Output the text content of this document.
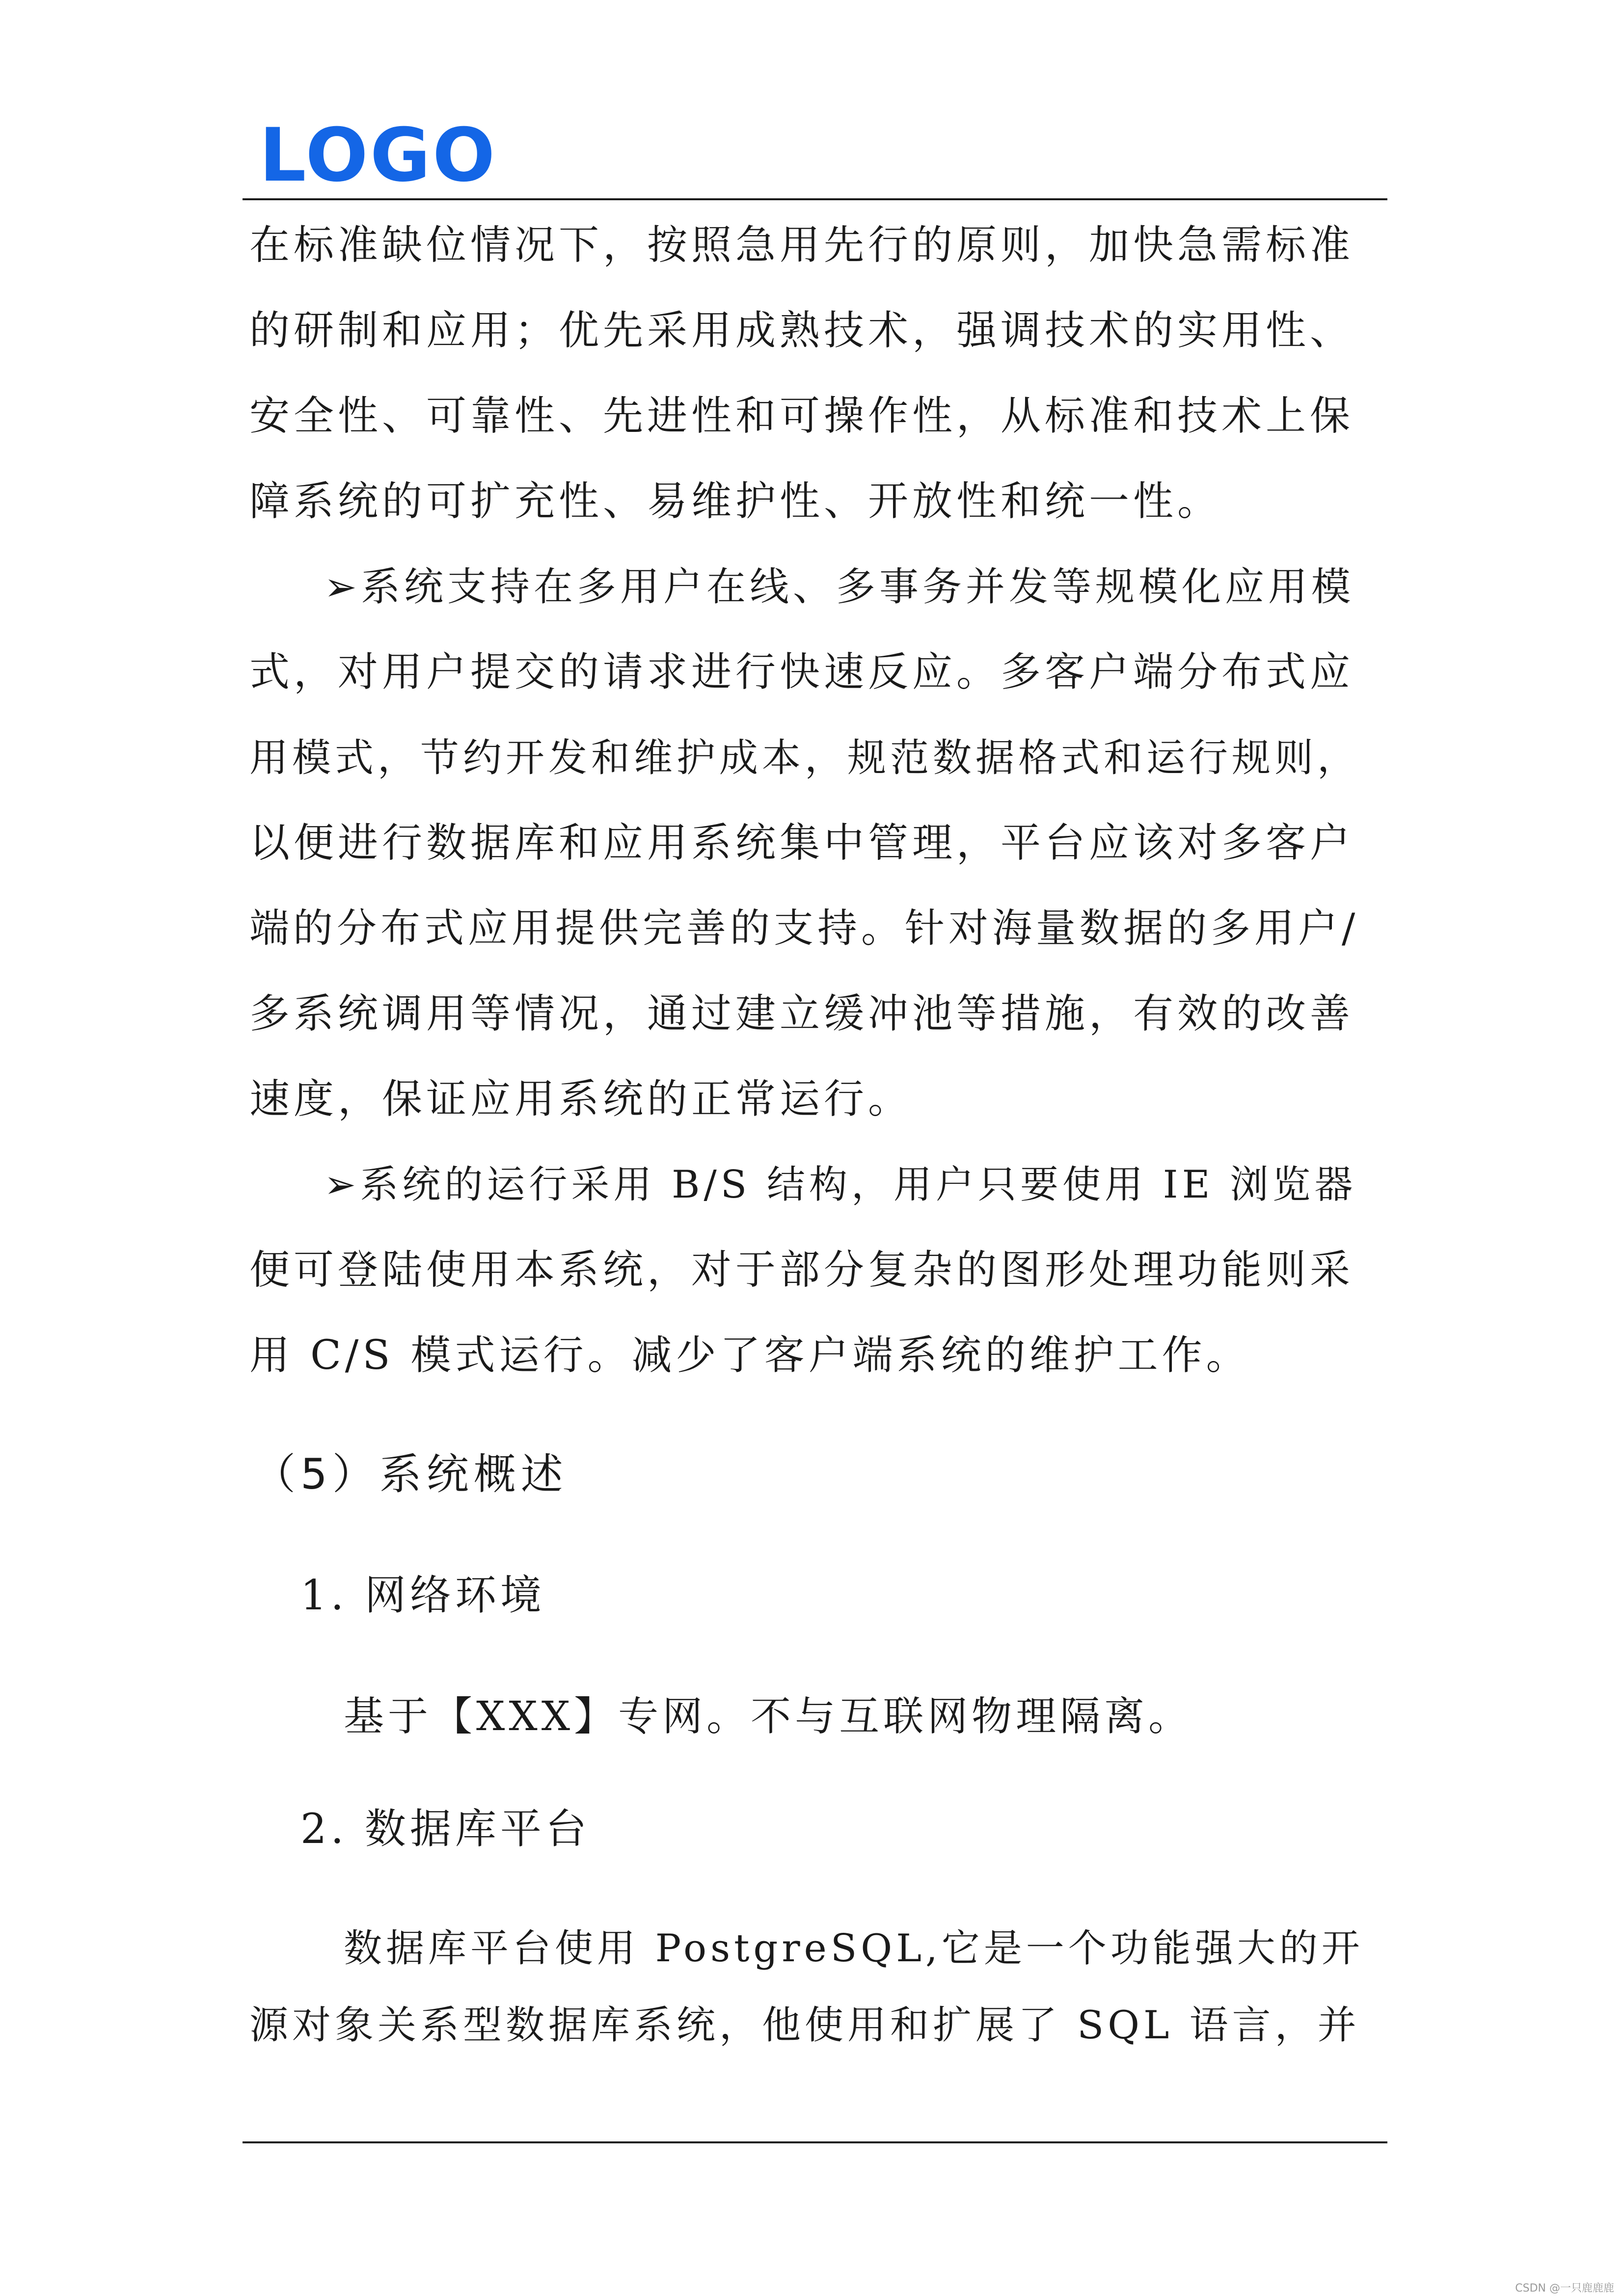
LOGO
在标准缺位情况下，按照急用先行的原则，加快急需标准
的研制和应用；优先采用成熟技术，强调技术的实用性、
安全性、可靠性、先进性和可操作性，从标准和技术上保
障系统的可扩充性、易维护性、开放性和统一性。
➢系统支持在多用户在线、多事务并发等规模化应用模
式，对用户提交的请求进行快速反应。多客户端分布式应
用模式，节约开发和维护成本，规范数据格式和运行规则，
以便进行数据库和应用系统集中管理，平台应该对多客户
端的分布式应用提供完善的支持。针对海量数据的多用户/
多系统调用等情况，通过建立缓冲池等措施，有效的改善
速度，保证应用系统的正常运行。
➢系统的运行采用 B/S 结构，用户只要使用 IE 浏览器
便可登陆使用本系统，对于部分复杂的图形处理功能则采
用 C/S 模式运行。减少了客户端系统的维护工作。
（5）系统概述
1. 网络环境
基于【XXX】专网。不与互联网物理隔离。
2. 数据库平台
数据库平台使用 PostgreSQL,它是一个功能强大的开
源对象关系型数据库系统，他使用和扩展了 SQL 语言，并
CSDN @一只鹿鹿鹿
